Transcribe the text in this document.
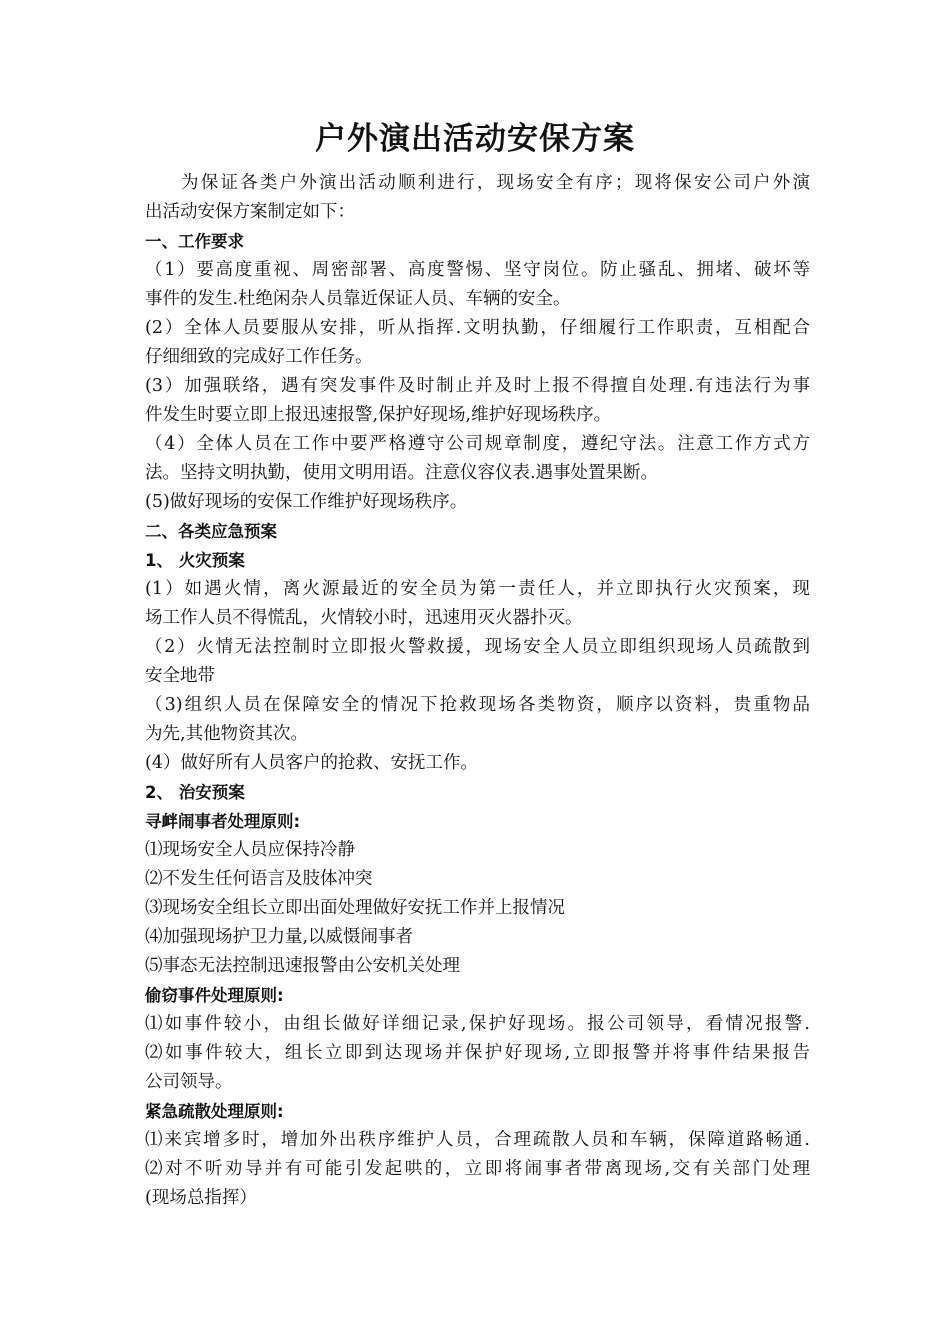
户外演出活动安保方案
为保证各类户外演出活动顺利进行，现场安全有序；现将保安公司户外演
出活动安保方案制定如下：
一、工作要求
（1）要高度重视、周密部署、高度警惕、坚守岗位。防止骚乱、拥堵、破坏等
事件的发生.杜绝闲杂人员靠近保证人员、车辆的安全。
(2）全体人员要服从安排，听从指挥.文明执勤，仔细履行工作职责，互相配合
仔细细致的完成好工作任务。
(3）加强联络，遇有突发事件及时制止并及时上报不得擅自处理.有违法行为事
件发生时要立即上报迅速报警,保护好现场,维护好现场秩序。
（4）全体人员在工作中要严格遵守公司规章制度，遵纪守法。注意工作方式方
法。坚持文明执勤，使用文明用语。注意仪容仪表.遇事处置果断。
(5)做好现场的安保工作维护好现场秩序。
二、各类应急预案
1、 火灾预案
(1）如遇火情，离火源最近的安全员为第一责任人，并立即执行火灾预案，现
场工作人员不得慌乱，火情较小时，迅速用灭火器扑灭。
（2）火情无法控制时立即报火警救援，现场安全人员立即组织现场人员疏散到
安全地带
（3)组织人员在保障安全的情况下抢救现场各类物资，顺序以资料，贵重物品
为先,其他物资其次。
(4）做好所有人员客户的抢救、安抚工作。
2、 治安预案
寻衅闹事者处理原则:
⑴现场安全人员应保持冷静
⑵不发生任何语言及肢体冲突
⑶现场安全组长立即出面处理做好安抚工作并上报情况
⑷加强现场护卫力量,以威慑闹事者
⑸事态无法控制迅速报警由公安机关处理
偷窃事件处理原则:
⑴如事件较小，由组长做好详细记录,保护好现场。报公司领导，看情况报警.
⑵如事件较大，组长立即到达现场并保护好现场,立即报警并将事件结果报告
公司领导。
紧急疏散处理原则:
⑴来宾增多时，增加外出秩序维护人员，合理疏散人员和车辆，保障道路畅通.
⑵对不听劝导并有可能引发起哄的，立即将闹事者带离现场,交有关部门处理
(现场总指挥）
